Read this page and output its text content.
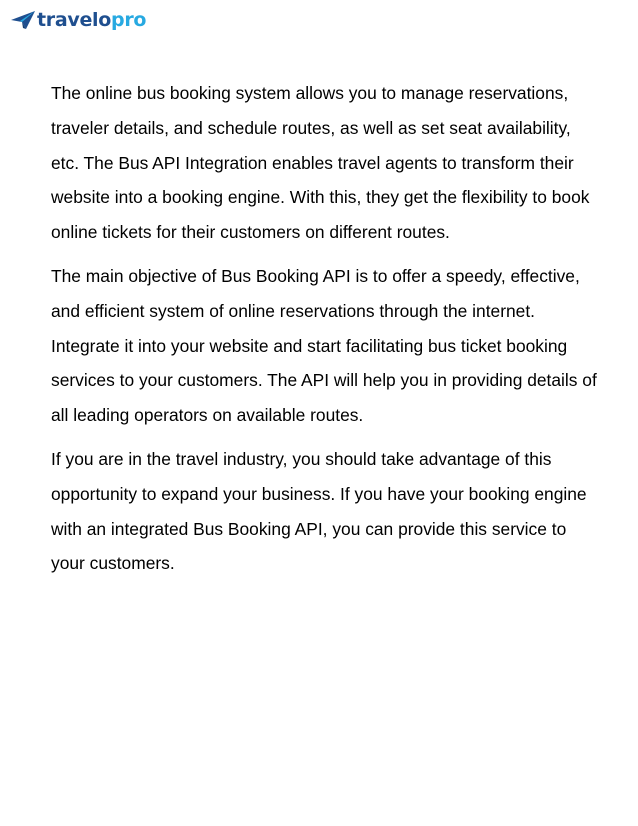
travelopro

The online bus booking system allows you to manage reservations, traveler details, and schedule routes, as well as set seat availability, etc. The Bus API Integration enables travel agents to transform their website into a booking engine. With this, they get the flexibility to book online tickets for their customers on different routes.

The main objective of Bus Booking API is to offer a speedy, effective, and efficient system of online reservations through the internet. Integrate it into your website and start facilitating bus ticket booking services to your customers. The API will help you in providing details of all leading operators on available routes.

If you are in the travel industry, you should take advantage of this opportunity to expand your business. If you have your booking engine with an integrated Bus Booking API, you can provide this service to your customers.
